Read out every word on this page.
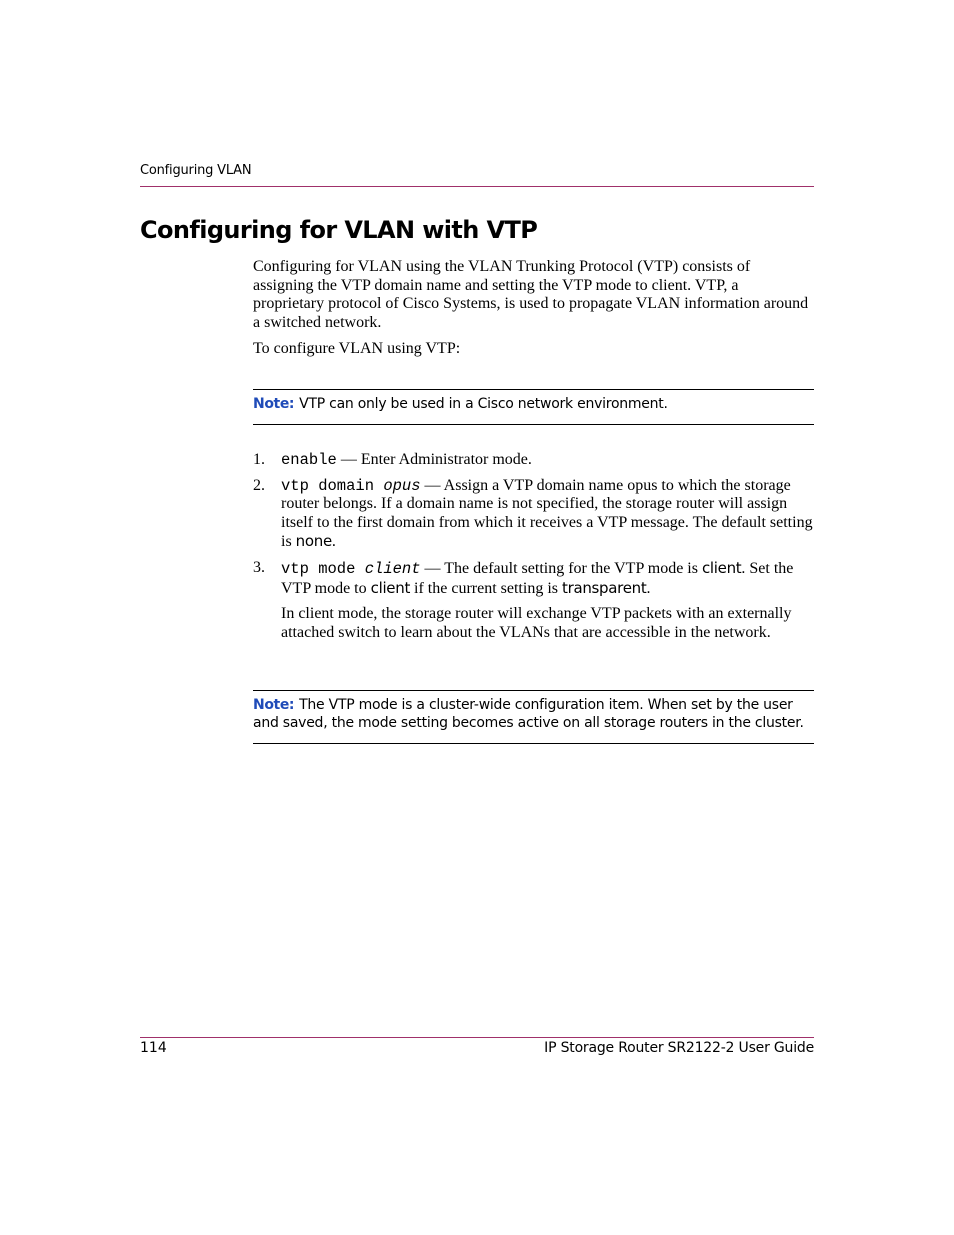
Configuring VLAN
Configuring for VLAN with VTP

Configuring for VLAN using the VLAN Trunking Protocol (VTP) consists of assigning the VTP domain name and setting the VTP mode to client. VTP, a proprietary protocol of Cisco Systems, is used to propagate VLAN information around a switched network.

To configure VLAN using VTP:

Note: VTP can only be used in a Cisco network environment.
1. enable — Enter Administrator mode.
2. vtp domain opus — Assign a VTP domain name opus to which the storage router belongs. If a domain name is not specified, the storage router will assign itself to the first domain from which it receives a VTP message. The default setting is none.
3. vtp mode client — The default setting for the VTP mode is client. Set the VTP mode to client if the current setting is transparent.

In client mode, the storage router will exchange VTP packets with an externally attached switch to learn about the VLANs that are accessible in the network.

Note: The VTP mode is a cluster-wide configuration item. When set by the user and saved, the mode setting becomes active on all storage routers in the cluster.
114	IP Storage Router SR2122-2 User Guide
